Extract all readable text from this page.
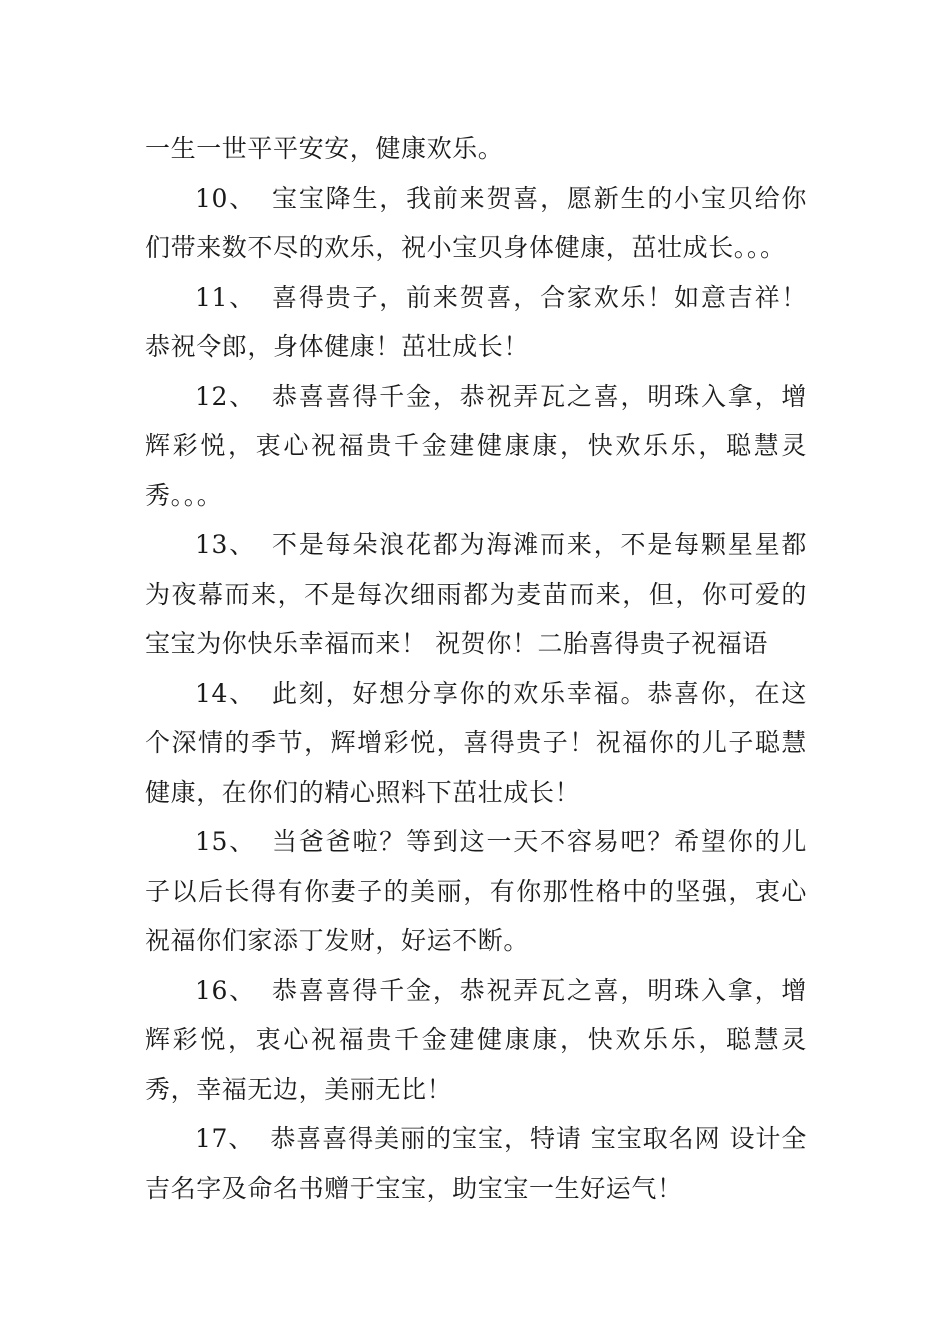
一生一世平平安安，健康欢乐。

10、 宝宝降生，我前来贺喜，愿新生的小宝贝给你们带来数不尽的欢乐，祝小宝贝身体健康，茁壮成长。。。

11、 喜得贵子，前来贺喜，合家欢乐！如意吉祥！恭祝令郎，身体健康！茁壮成长！

12、 恭喜喜得千金，恭祝弄瓦之喜，明珠入拿，增辉彩悦，衷心祝福贵千金建健康康，快欢乐乐，聪慧灵秀。。。

13、 不是每朵浪花都为海滩而来，不是每颗星星都为夜幕而来，不是每次细雨都为麦苗而来，但，你可爱的宝宝为你快乐幸福而来！ 祝贺你！二胎喜得贵子祝福语

14、 此刻，好想分享你的欢乐幸福。恭喜你，在这个深情的季节，辉增彩悦，喜得贵子！祝福你的儿子聪慧健康，在你们的精心照料下茁壮成长！

15、 当爸爸啦？等到这一天不容易吧？希望你的儿子以后长得有你妻子的美丽，有你那性格中的坚强，衷心祝福你们家添丁发财，好运不断。

16、 恭喜喜得千金，恭祝弄瓦之喜，明珠入拿，增辉彩悦，衷心祝福贵千金建健康康，快欢乐乐，聪慧灵秀，幸福无边，美丽无比！

17、 恭喜喜得美丽的宝宝，特请 宝宝取名网 设计全吉名字及命名书赠于宝宝，助宝宝一生好运气！
